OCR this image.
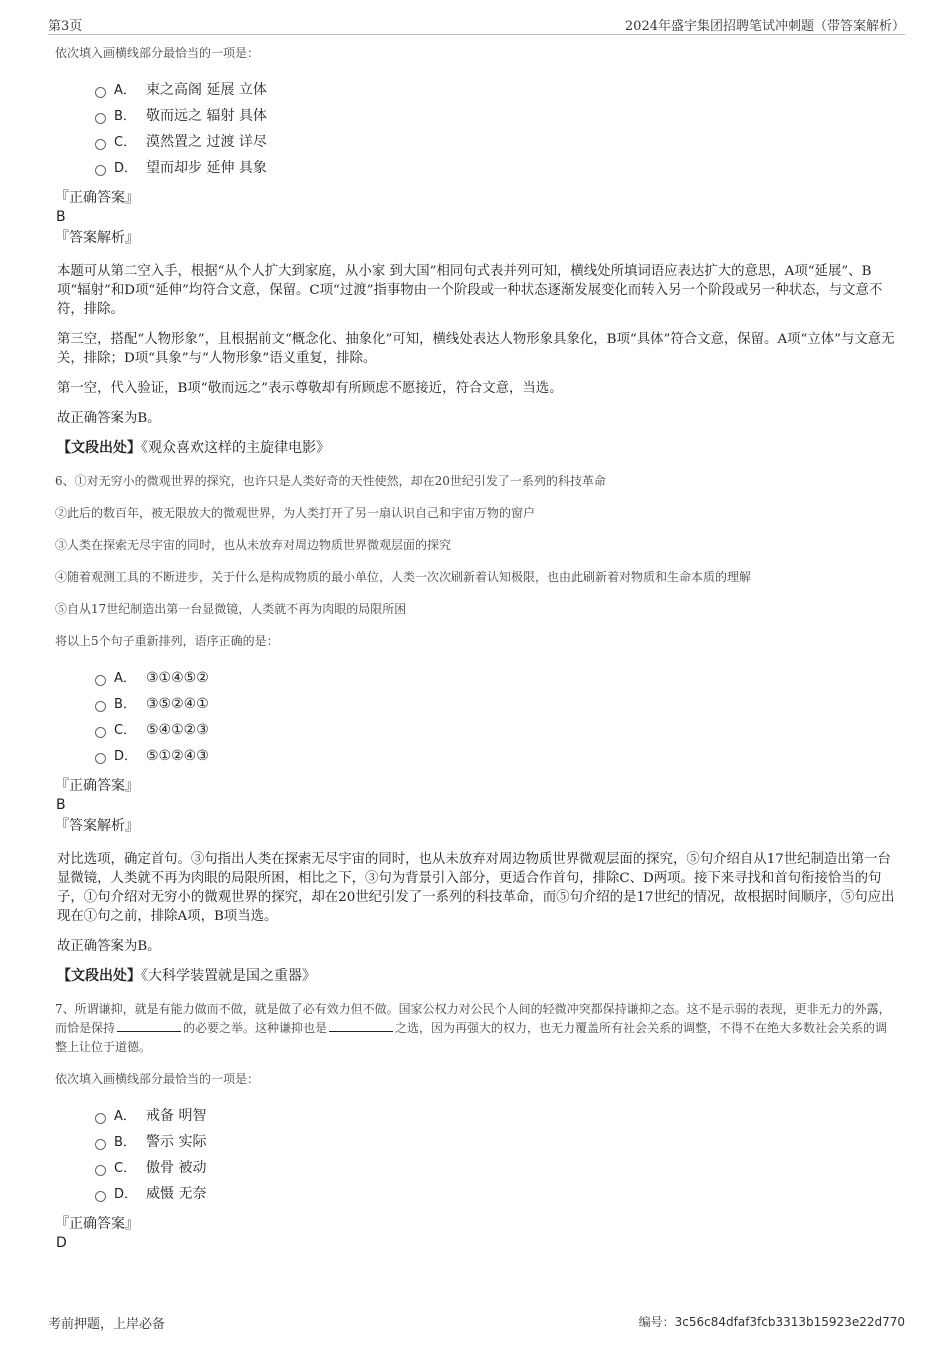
第3页	2024年盛宇集团招聘笔试冲刺题（带答案解析）

依次填入画横线部分最恰当的一项是：

A． 束之高阁 延展 立体
B． 敬而远之 辐射 具体
C． 漠然置之 过渡 详尽
D． 望而却步 延伸 具象

『正确答案』

B

『答案解析』

本题可从第二空入手，根据“从个人扩大到家庭，从小家 到大国”相同句式表并列可知，横线处所填词语应表达扩大的意思，A项“延展”、B项“辐射”和D项“延伸”均符合文意，保留。C项“过渡”指事物由一个阶段或一种状态逐渐发展变化而转入另一个阶段或另一种状态，与文意不符，排除。

第三空，搭配“人物形象”，且根据前文“概念化、抽象化”可知，横线处表达人物形象具象化，B项“具体”符合文意，保留。A项“立体”与文意无关，排除；D项“具象”与“人物形象”语义重复，排除。

第一空，代入验证，B项“敬而远之”表示尊敬却有所顾虑不愿接近，符合文意，当选。

故正确答案为B。

【文段出处】《观众喜欢这样的主旋律电影》

6、①对无穷小的微观世界的探究，也许只是人类好奇的天性使然，却在20世纪引发了一系列的科技革命

②此后的数百年，被无限放大的微观世界，为人类打开了另一扇认识自己和宇宙万物的窗户

③人类在探索无尽宇宙的同时，也从未放弃对周边物质世界微观层面的探究

④随着观测工具的不断进步，关于什么是构成物质的最小单位，人类一次次刷新着认知极限，也由此刷新着对物质和生命本质的理解

⑤自从17世纪制造出第一台显微镜，人类就不再为肉眼的局限所困

将以上5个句子重新排列，语序正确的是：

A． ③①④⑤②
B． ③⑤②④①
C． ⑤④①②③
D． ⑤①②④③

『正确答案』

B

『答案解析』

对比选项，确定首句。③句指出人类在探索无尽宇宙的同时，也从未放弃对周边物质世界微观层面的探究，⑤句介绍自从17世纪制造出第一台显微镜，人类就不再为肉眼的局限所困，相比之下，③句为背景引入部分，更适合作首句，排除C、D两项。接下来寻找和首句衔接恰当的句子，①句介绍对无穷小的微观世界的探究，却在20世纪引发了一系列的科技革命，而⑤句介绍的是17世纪的情况，故根据时间顺序，⑤句应出现在①句之前，排除A项，B项当选。

故正确答案为B。

【文段出处】《大科学装置就是国之重器》

7、所谓谦抑，就是有能力做而不做，就是做了必有效力但不做。国家公权力对公民个人间的轻微冲突都保持谦抑之态。这不是示弱的表现，更非无力的外露，而恰是保持	的必要之举。这种谦抑也是	之选，因为再强大的权力，也无力覆盖所有社会关系的调整，不得不在绝大多数社会关系的调整上让位于道德。

依次填入画横线部分最恰当的一项是：

A． 戒备 明智
B． 警示 实际
C． 傲骨 被动
D． 威慑 无奈

『正确答案』

D

考前押题，上岸必备	编号：3c56c84dfaf3fcb3313b15923e22d770
